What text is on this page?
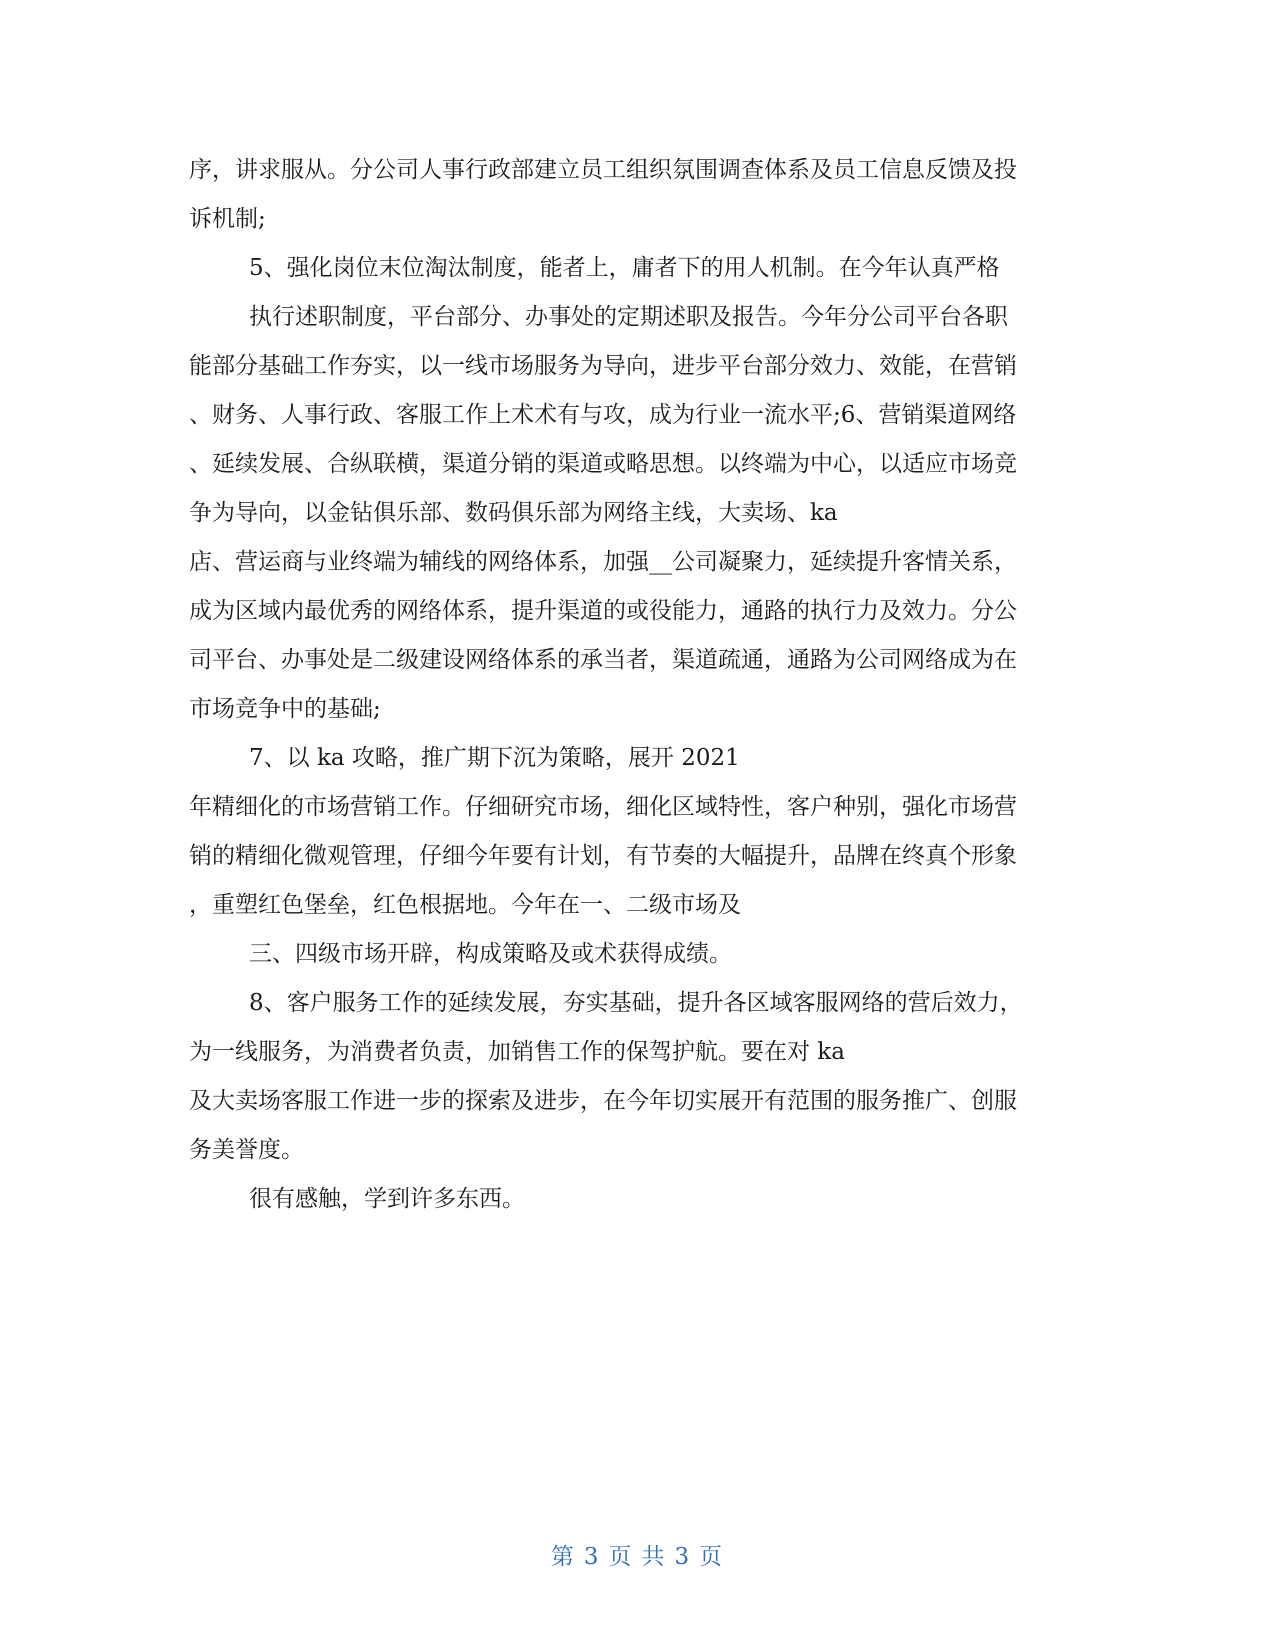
序，讲求服从。分公司人事行政部建立员工组织氛围调查体系及员工信息反馈及投
诉机制;
5、强化岗位末位淘汰制度，能者上，庸者下的用人机制。在今年认真严格
执行述职制度，平台部分、办事处的定期述职及报告。今年分公司平台各职
能部分基础工作夯实，以一线市场服务为导向，进步平台部分效力、效能，在营销
、财务、人事行政、客服工作上术术有与攻，成为行业一流水平;6、营销渠道网络
、延续发展、合纵联横，渠道分销的渠道或略思想。以终端为中心，以适应市场竞
争为导向，以金钻俱乐部、数码俱乐部为网络主线，大卖场、ka
店、营运商与业终端为辅线的网络体系，加强__公司凝聚力，延续提升客情关系，
成为区域内最优秀的网络体系，提升渠道的或役能力，通路的执行力及效力。分公
司平台、办事处是二级建设网络体系的承当者，渠道疏通，通路为公司网络成为在
市场竞争中的基础;
7、以 ka 攻略，推广期下沉为策略，展开 2021
年精细化的市场营销工作。仔细研究市场，细化区域特性，客户种别，强化市场营
销的精细化微观管理，仔细今年要有计划，有节奏的大幅提升，品牌在终真个形象
，重塑红色堡垒，红色根据地。今年在一、二级市场及
三、四级市场开辟，构成策略及或术获得成绩。
8、客户服务工作的延续发展，夯实基础，提升各区域客服网络的营后效力，
为一线服务，为消费者负责，加销售工作的保驾护航。要在对 ka
及大卖场客服工作进一步的探索及进步，在今年切实展开有范围的服务推广、创服
务美誉度。
很有感触，学到许多东西。
第 3 页 共 3 页
